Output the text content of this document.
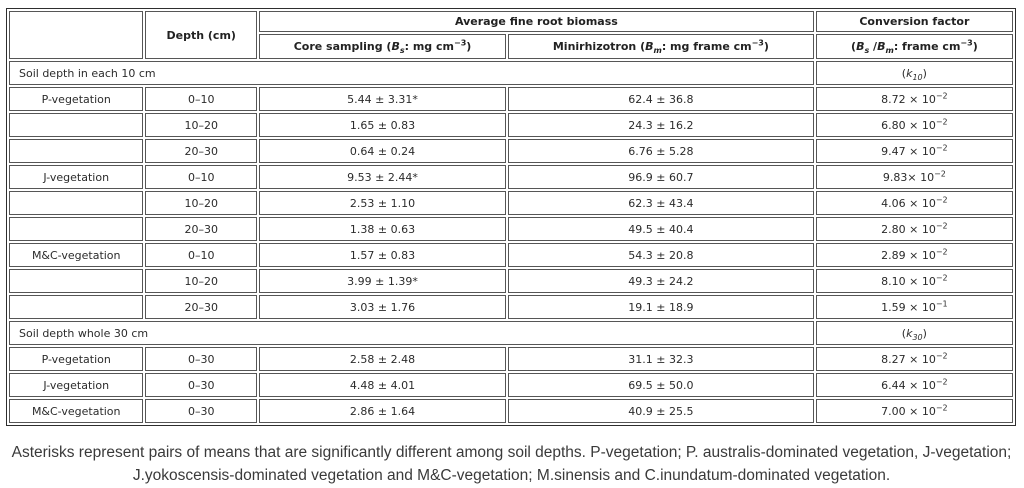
	Depth (cm)	Average fine root biomass		Conversion factor
		Core sampling ($B_s$: mg $cm^{-3}$)	Minirhizotron ($B_m$: mg frame $cm^{-3}$)	($B_s$ $/B_m$: frame $cm^{-3}$)
Soil depth in each 10 cm				$(k_{10})$
P-vegetation	0–10	5.44 ± 3.31*	62.4 ± 36.8	$8.72 \times 10^{-2}$
	10–20	1.65 ± 0.83	24.3 ± 16.2	$6.80 \times 10^{-2}$
	20–30	0.64 ± 0.24	6.76 ± 5.28	$9.47 \times 10^{-2}$
J-vegetation	0–10	9.53 ± 2.44*	96.9 ± 60.7	$9.83\times 10^{-2}$
	10–20	2.53 ± 1.10	62.3 ± 43.4	$4.06 \times 10^{-2}$
	20–30	1.38 ± 0.63	49.5 ± 40.4	$2.80 \times 10^{-2}$
M&C-vegetation	0–10	1.57 ± 0.83	54.3 ± 20.8	$2.89 \times 10^{-2}$
	10–20	3.99 ± 1.39*	49.3 ± 24.2	$8.10 \times 10^{-2}$
	20–30	3.03 ± 1.76	19.1 ± 18.9	$1.59 \times 10^{-1}$
Soil depth whole 30 cm				$(k_{30})$
P-vegetation	0–30	2.58 ± 2.48	31.1 ± 32.3	$8.27 \times 10^{-2}$
J-vegetation	0–30	4.48 ± 4.01	69.5 ± 50.0	$6.44 \times 10^{-2}$
M&C-vegetation	0–30	2.86 ± 1.64	40.9 ± 25.5	$7.00 \times 10^{-2}$

Asterisks represent pairs of means that are significantly different among soil depths. P-vegetation; P. australis-dominated vegetation, J-vegetation; J.yokoscensis-dominated vegetation and M&C-vegetation; M.sinensis and C.inundatum-dominated vegetation.
